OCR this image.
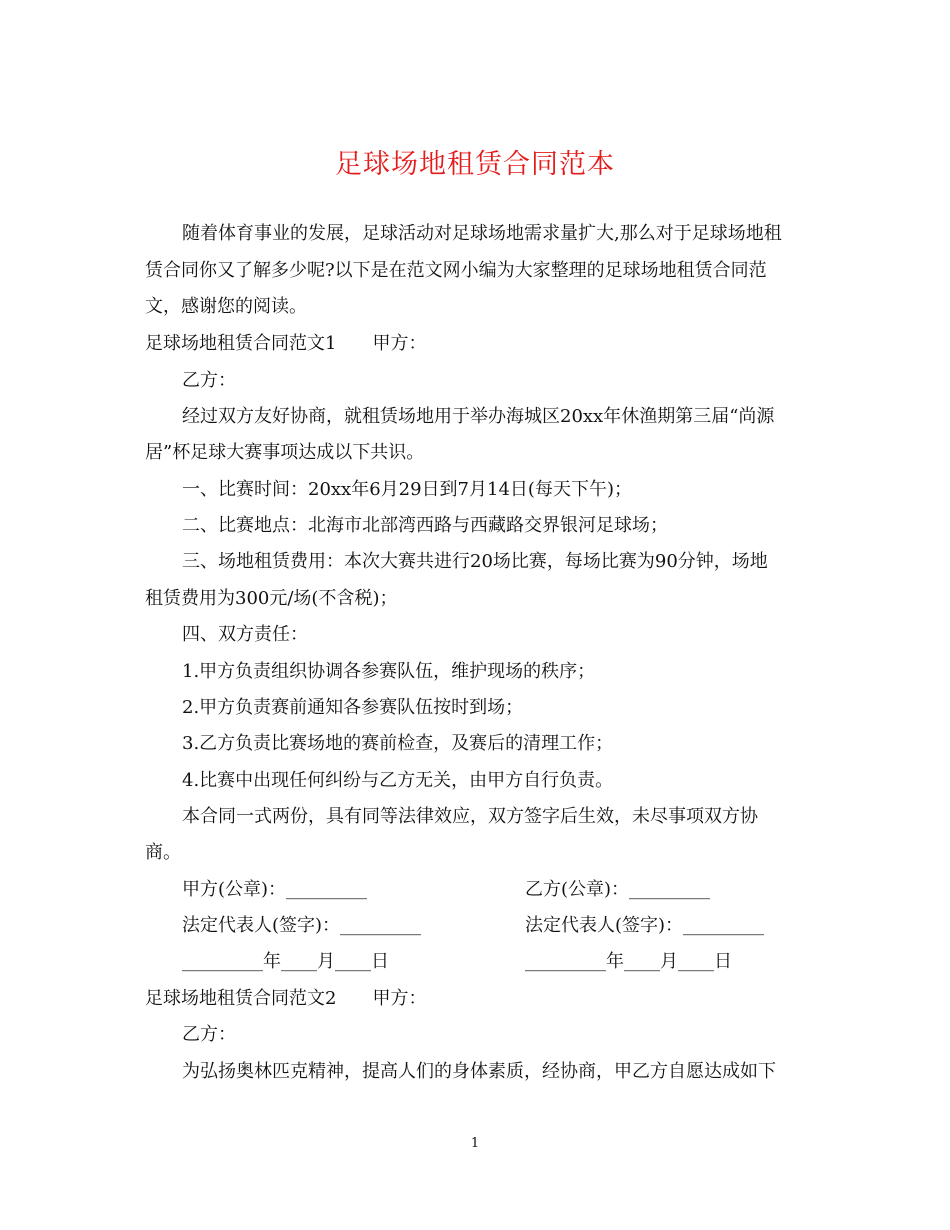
足球场地租赁合同范本
随着体育事业的发展，足球活动对足球场地需求量扩大,那么对于足球场地租
赁合同你又了解多少呢?以下是在范文网小编为大家整理的足球场地租赁合同范
文，感谢您的阅读。
足球场地租赁合同范文1 甲方：
乙方：
经过双方友好协商，就租赁场地用于举办海城区20xx年休渔期第三届“尚源
居”杯足球大赛事项达成以下共识。
一、比赛时间：20xx年6月29日到7月14日(每天下午)；
二、比赛地点：北海市北部湾西路与西藏路交界银河足球场；
三、场地租赁费用：本次大赛共进行20场比赛，每场比赛为90分钟，场地
租赁费用为300元/场(不含税)；
四、双方责任：
1.甲方负责组织协调各参赛队伍，维护现场的秩序；
2.甲方负责赛前通知各参赛队伍按时到场；
3.乙方负责比赛场地的赛前检查，及赛后的清理工作；
4.比赛中出现任何纠纷与乙方无关，由甲方自行负责。
本合同一式两份，具有同等法律效应，双方签字后生效，未尽事项双方协
商。
甲方(公章)：_________	乙方(公章)：_________
法定代表人(签字)：_________	法定代表人(签字)：_________
_________年____月____日	_________年____月____日
足球场地租赁合同范文2 甲方：
乙方：
为弘扬奥林匹克精神，提高人们的身体素质，经协商，甲乙方自愿达成如下
1
